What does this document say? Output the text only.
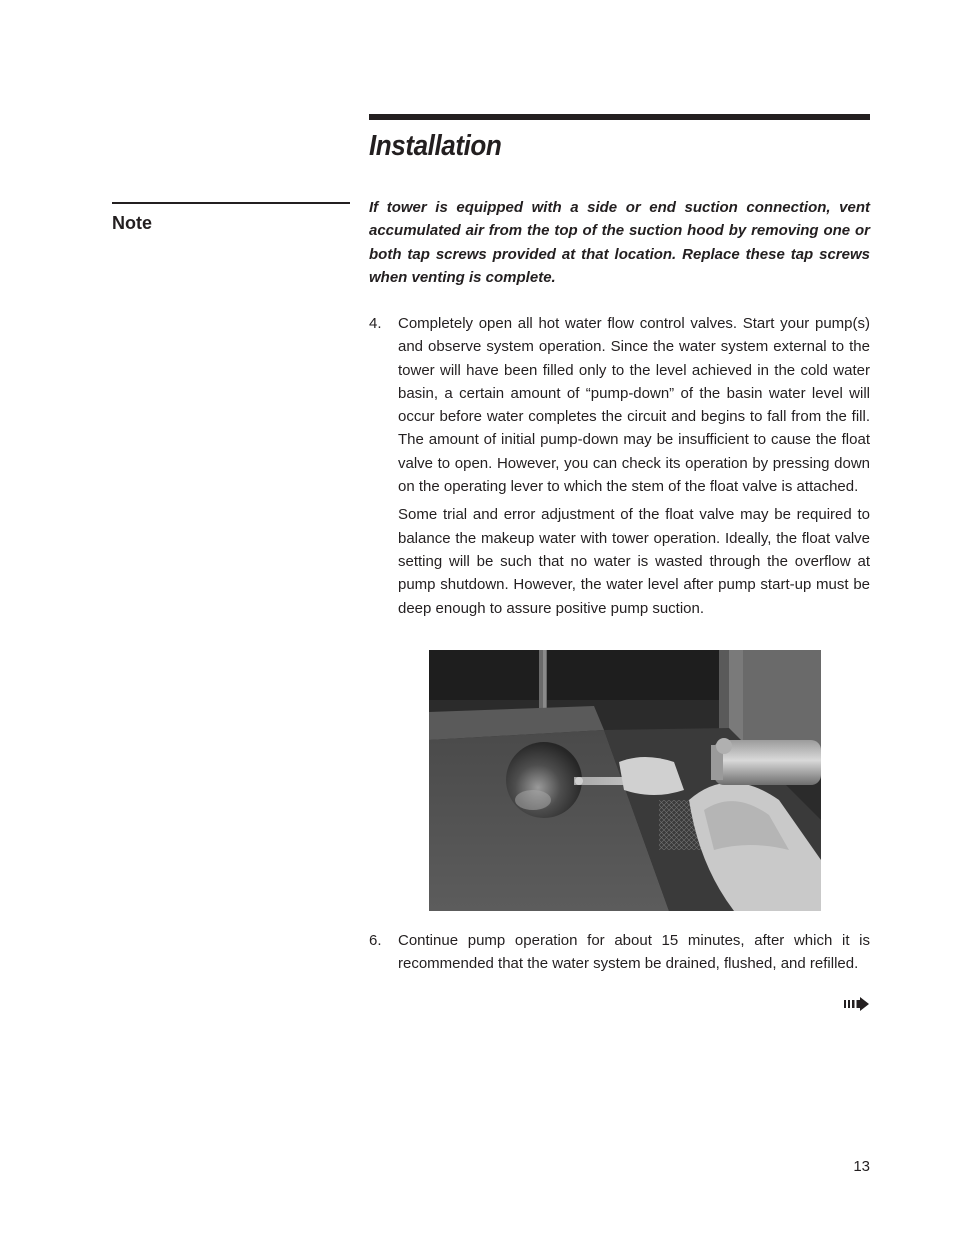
Installation
Note

If tower is equipped with a side or end suction connection, vent accumulated air from the top of the suction hood by removing one or both tap screws provided at that location. Replace these tap screws when venting is complete.

4. Completely open all hot water flow control valves. Start your pump(s) and observe system operation. Since the water system external to the tower will have been filled only to the level achieved in the cold water basin, a certain amount of “pump-down” of the basin water level will occur before water completes the circuit and begins to fall from the fill. The amount of initial pump-down may be insufficient to cause the float valve to open. However, you can check its operation by pressing down on the operating lever to which the stem of the float valve is attached.

Some trial and error adjustment of the float valve may be required to balance the makeup water with tower operation. Ideally, the float valve setting will be such that no water is wasted through the overflow at pump shutdown. However, the water level after pump start-up must be deep enough to assure positive pump suction.

6. Continue pump operation for about 15 minutes, after which it is recommended that the water system be drained, flushed, and refilled.

13
